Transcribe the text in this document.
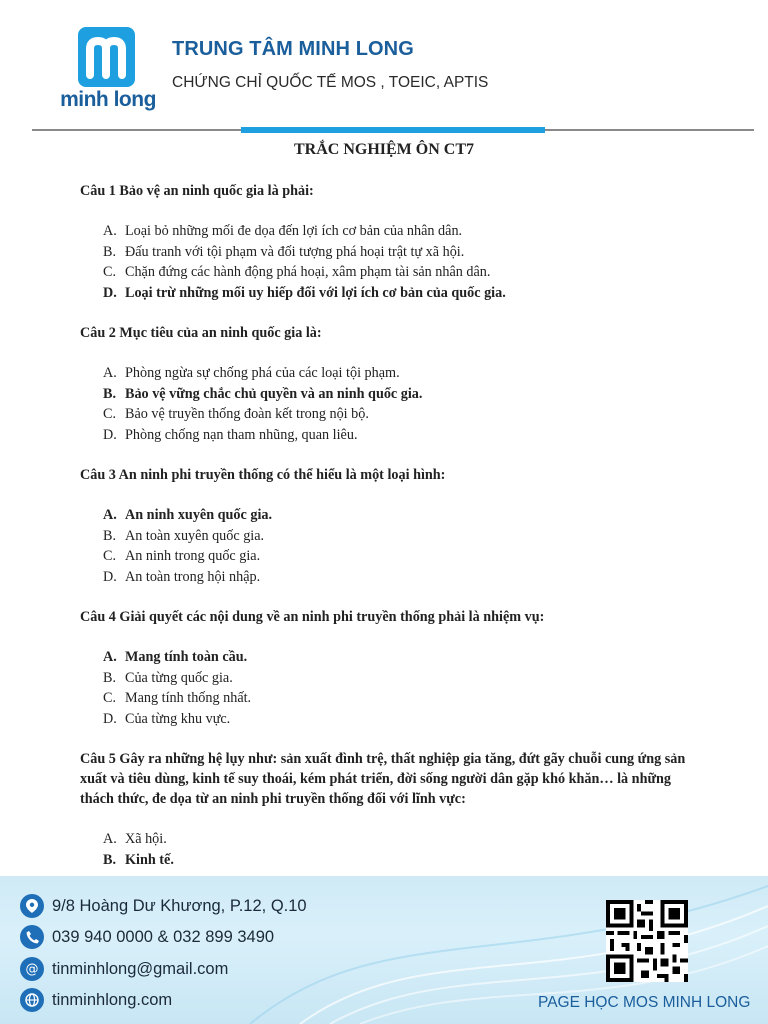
minh long
TRUNG TÂM MINH LONG
CHỨNG CHỈ QUỐC TẾ MOS , TOEIC, APTIS
TRẮC NGHIỆM ÔN CT7

Câu 1 Bảo vệ an ninh quốc gia là phải:

A. Loại bỏ những mối đe dọa đến lợi ích cơ bản của nhân dân.
B. Đấu tranh với tội phạm và đối tượng phá hoại trật tự xã hội.
C. Chặn đứng các hành động phá hoại, xâm phạm tài sản nhân dân.
D. Loại trừ những mối uy hiếp đối với lợi ích cơ bản của quốc gia.

Câu 2 Mục tiêu của an ninh quốc gia là:

A. Phòng ngừa sự chống phá của các loại tội phạm.
B. Bảo vệ vững chắc chủ quyền và an ninh quốc gia.
C. Bảo vệ truyền thống đoàn kết trong nội bộ.
D. Phòng chống nạn tham nhũng, quan liêu.

Câu 3 An ninh phi truyền thống có thể hiểu là một loại hình:

A. An ninh xuyên quốc gia.
B. An toàn xuyên quốc gia.
C. An ninh trong quốc gia.
D. An toàn trong hội nhập.

Câu 4 Giải quyết các nội dung về an ninh phi truyền thống phải là nhiệm vụ:

A. Mang tính toàn cầu.
B. Của từng quốc gia.
C. Mang tính thống nhất.
D. Của từng khu vực.

Câu 5 Gây ra những hệ lụy như: sản xuất đình trệ, thất nghiệp gia tăng, đứt gãy chuỗi cung ứng sản xuất và tiêu dùng, kinh tế suy thoái, kém phát triển, đời sống người dân gặp khó khăn… là những thách thức, đe dọa từ an ninh phi truyền thống đối với lĩnh vực:

A. Xã hội.
B. Kinh tế.
9/8 Hoàng Dư Khương, P.12, Q.10
039 940 0000 & 032 899 3490
@ tinminhlong@gmail.com
tinminhlong.com	PAGE HỌC MOS MINH LONG
